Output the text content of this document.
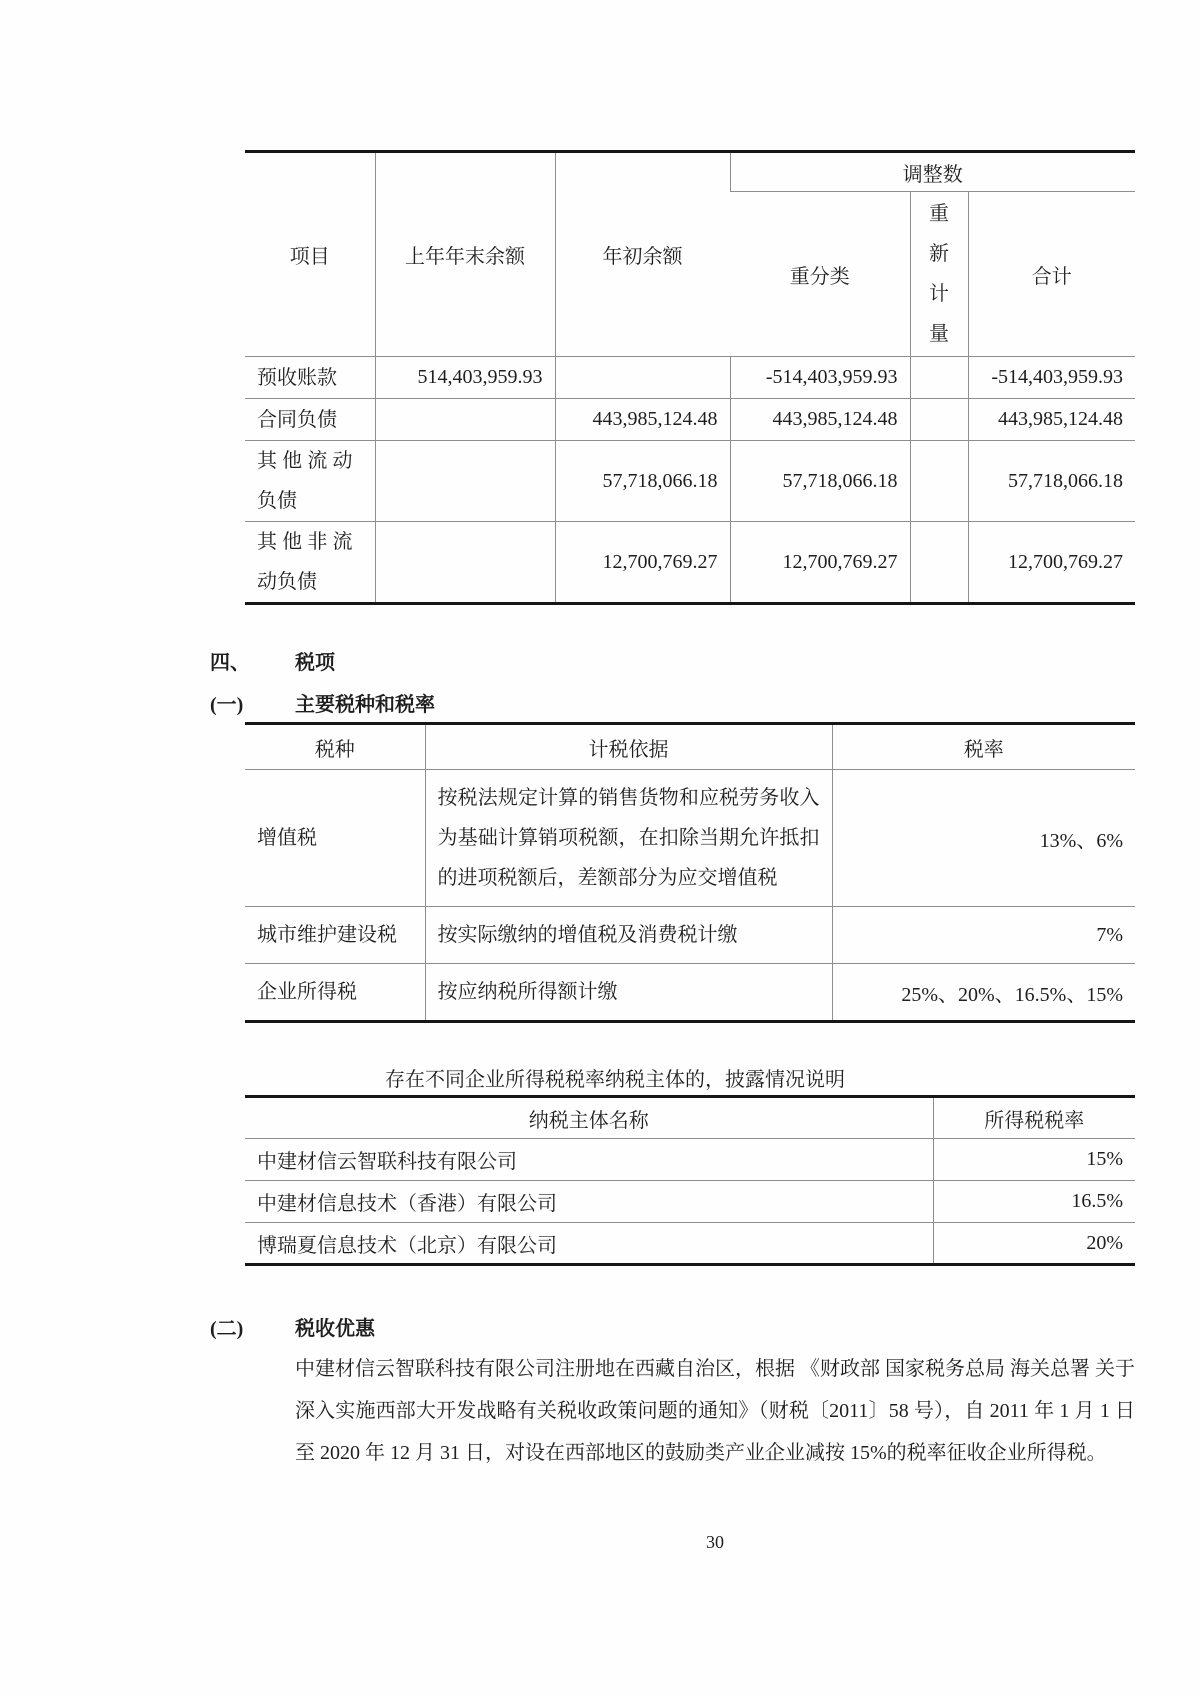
项目	上年年末余额	年初余额	调整数		
			重分类	重新计量	合计
预收账款	514,403,959.93		-514,403,959.93		-514,403,959.93
合同负债		443,985,124.48	443,985,124.48		443,985,124.48
其他流动负债		57,718,066.18	57,718,066.18		57,718,066.18
其他非流动负债		12,700,769.27	12,700,769.27		12,700,769.27
四、	税项
(一)	主要税种和税率
税种	计税依据	税率
增值税	按税法规定计算的销售货物和应税劳务收入为基础计算销项税额，在扣除当期允许抵扣的进项税额后，差额部分为应交增值税	13%、6%
城市维护建设税	按实际缴纳的增值税及消费税计缴	7%
企业所得税	按应纳税所得额计缴	25%、20%、16.5%、15%
存在不同企业所得税税率纳税主体的，披露情况说明
纳税主体名称	所得税税率
中建材信云智联科技有限公司	15%
中建材信息技术（香港）有限公司	16.5%
博瑞夏信息技术（北京）有限公司	20%
(二)	税收优惠
中建材信云智联科技有限公司注册地在西藏自治区，根据 《财政部 国家税务总局 海关总署 关于深入实施西部大开发战略有关税收政策问题的通知》（财税〔2011〕58 号），自 2011 年 1 月 1 日至 2020 年 12 月 31 日，对设在西部地区的鼓励类产业企业减按 15%的税率征收企业所得税。
30
